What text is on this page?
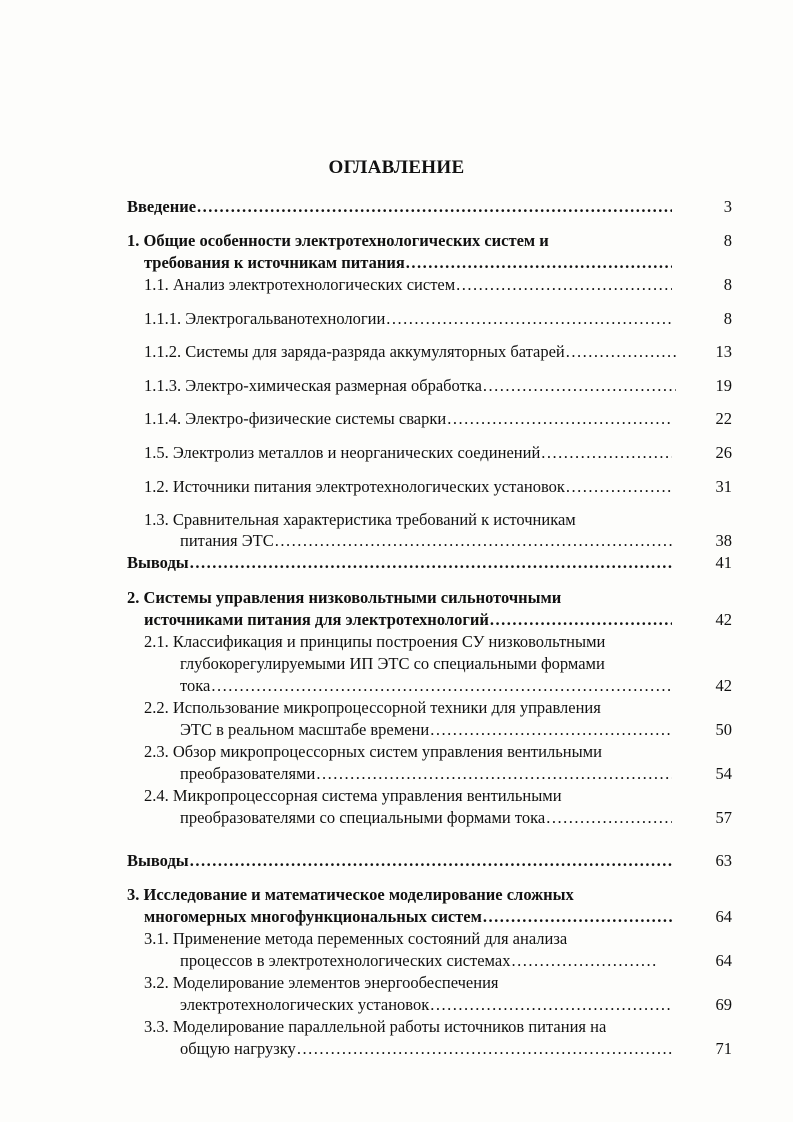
ОГЛАВЛЕНИЕ
Введение .....	3
1. Общие особенности электротехнологических систем и	8
требования к источникам питания
.....
1.1. Анализ электротехнологических систем .....	8
1.1.1. Электрогальванотехнологии .....	8
1.1.2. Системы для заряда-разряда аккумуляторных батарей .....	13
1.1.3. Электро-химическая размерная обработка .....	19
1.1.4. Электро-физические системы сварки .....	22
1.5. Электролиз металлов и неорганических соединений .....	26
1.2. Источники питания электротехнологических установок .....	31
1.3. Сравнительная характеристика требований к источникам
питания ЭТС .....	38
Выводы .....	41
2. Системы управления низковольтными сильноточными
источниками питания для электротехнологий .....	42
2.1. Классификация и принципы построения СУ низковольтными
глубокорегулируемыми ИП ЭТС со специальными формами
тока .....	42
2.2. Использование микропроцессорной техники для управления
ЭТС в реальном масштабе времени .....	50
2.3. Обзор микропроцессорных систем управления вентильными
преобразователями .....	54
2.4. Микропроцессорная система управления вентильными
преобразователями со специальными формами тока .....	57
Выводы .....	63
3. Исследование и математическое моделирование сложных
многомерных многофункциональных систем .....	64
3.1. Применение метода переменных состояний для анализа
процессов в электротехнологических системах .....	64
3.2. Моделирование элементов энергообеспечения
электротехнологических установок .....	69
3.3. Моделирование параллельной работы источников питания на
общую нагрузку .....	71
